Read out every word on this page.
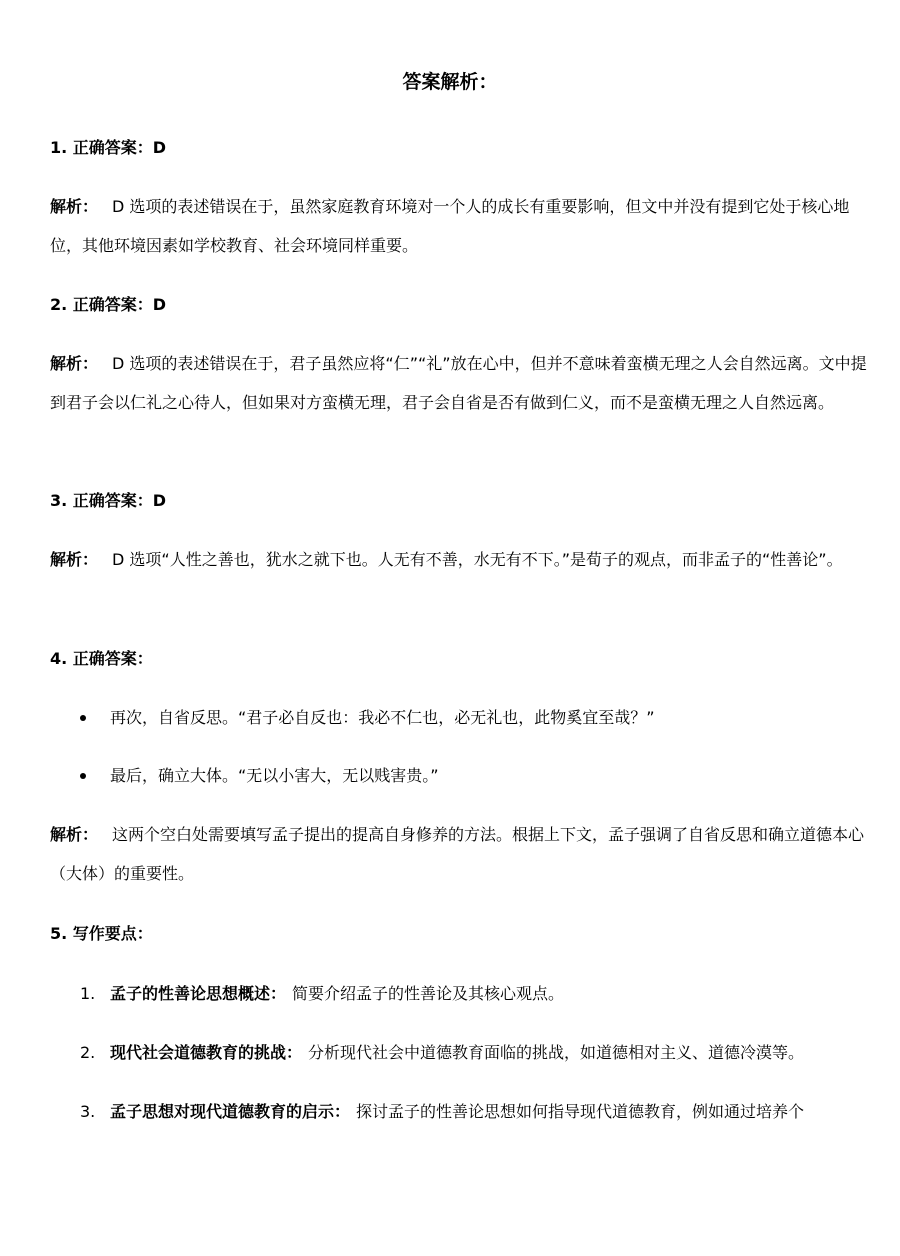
答案解析：
1. 正确答案：D
解析： D 选项的表述错误在于，虽然家庭教育环境对一个人的成长有重要影响，但文中并没有提到它处于核心地位，其他环境因素如学校教育、社会环境同样重要。
2. 正确答案：D
解析： D 选项的表述错误在于，君子虽然应将“仁”“礼”放在心中，但并不意味着蛮横无理之人会自然远离。文中提到君子会以仁礼之心待人，但如果对方蛮横无理，君子会自省是否有做到仁义，而不是蛮横无理之人自然远离。
3. 正确答案：D
解析： D 选项“人性之善也，犹水之就下也。人无有不善，水无有不下。”是荀子的观点，而非孟子的“性善论”。
4. 正确答案：
再次，自省反思。“君子必自反也：我必不仁也，必无礼也，此物奚宜至哉？”
最后，确立大体。“无以小害大，无以贱害贵。”
解析： 这两个空白处需要填写孟子提出的提高自身修养的方法。根据上下文，孟子强调了自省反思和确立道德本心（大体）的重要性。
5. 写作要点：
1. 孟子的性善论思想概述： 简要介绍孟子的性善论及其核心观点。
2. 现代社会道德教育的挑战： 分析现代社会中道德教育面临的挑战，如道德相对主义、道德冷漠等。
3. 孟子思想对现代道德教育的启示： 探讨孟子的性善论思想如何指导现代道德教育，例如通过培养个
